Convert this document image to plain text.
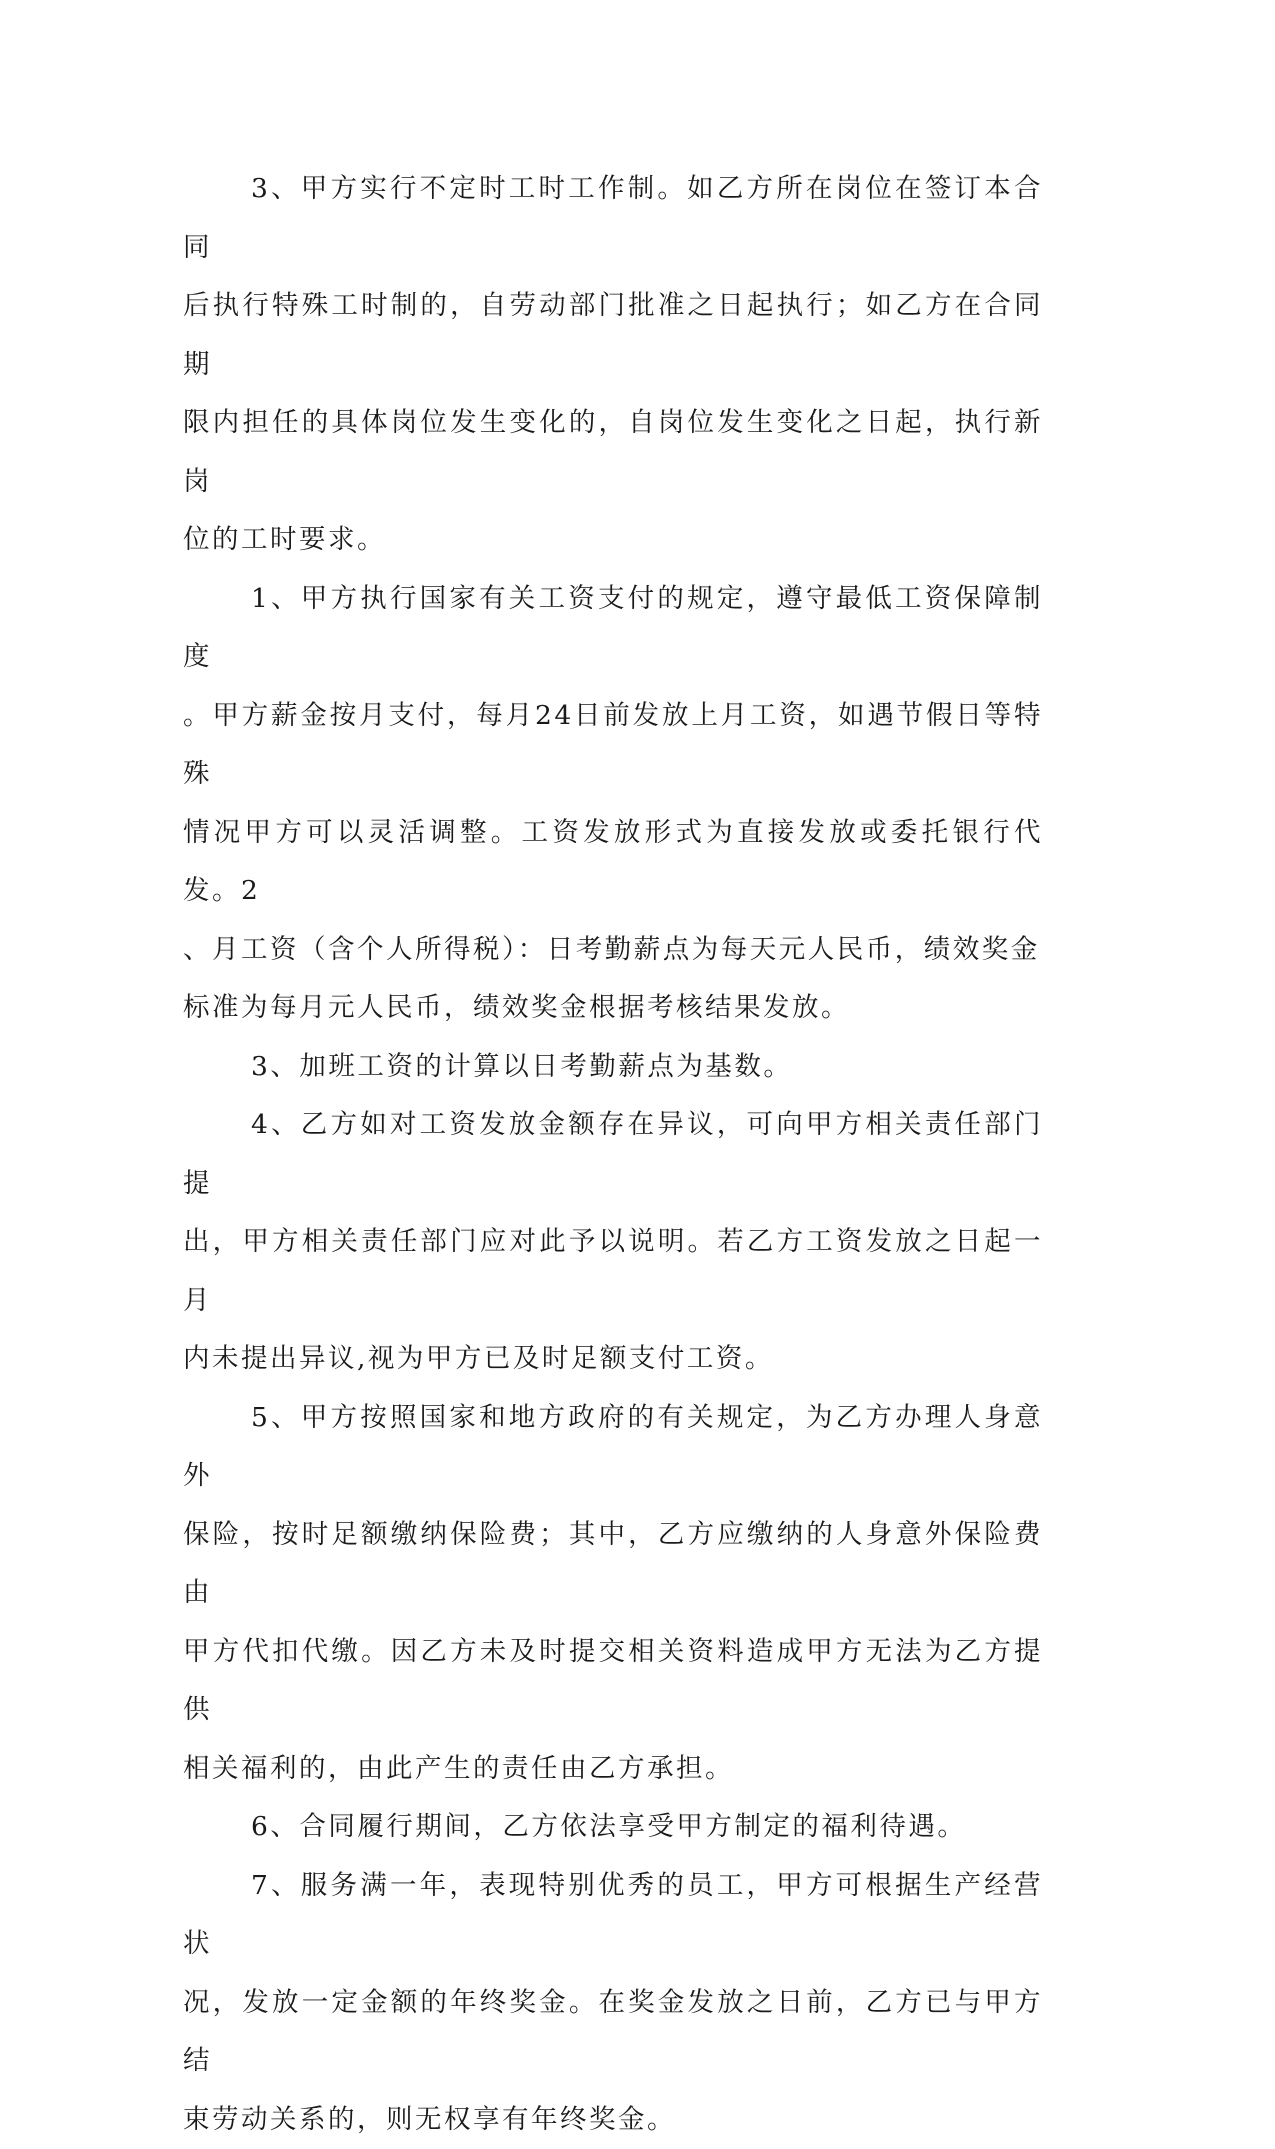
3、甲方实行不定时工时工作制。如乙方所在岗位在签订本合同
后执行特殊工时制的，自劳动部门批准之日起执行；如乙方在合同期
限内担任的具体岗位发生变化的，自岗位发生变化之日起，执行新岗
位的工时要求。

1、甲方执行国家有关工资支付的规定，遵守最低工资保障制度
。甲方薪金按月支付，每月24日前发放上月工资，如遇节假日等特殊
情况甲方可以灵活调整。工资发放形式为直接发放或委托银行代发。2
、月工资（含个人所得税）：日考勤薪点为每天元人民币，绩效奖金
标准为每月元人民币，绩效奖金根据考核结果发放。

3、加班工资的计算以日考勤薪点为基数。

4、乙方如对工资发放金额存在异议，可向甲方相关责任部门提
出，甲方相关责任部门应对此予以说明。若乙方工资发放之日起一月
内未提出异议,视为甲方已及时足额支付工资。

5、甲方按照国家和地方政府的有关规定，为乙方办理人身意外
保险，按时足额缴纳保险费；其中，乙方应缴纳的人身意外保险费由
甲方代扣代缴。因乙方未及时提交相关资料造成甲方无法为乙方提供
相关福利的，由此产生的责任由乙方承担。

6、合同履行期间，乙方依法享受甲方制定的福利待遇。

7、服务满一年，表现特别优秀的员工，甲方可根据生产经营状
况，发放一定金额的年终奖金。在奖金发放之日前，乙方已与甲方结
束劳动关系的，则无权享有年终奖金。
